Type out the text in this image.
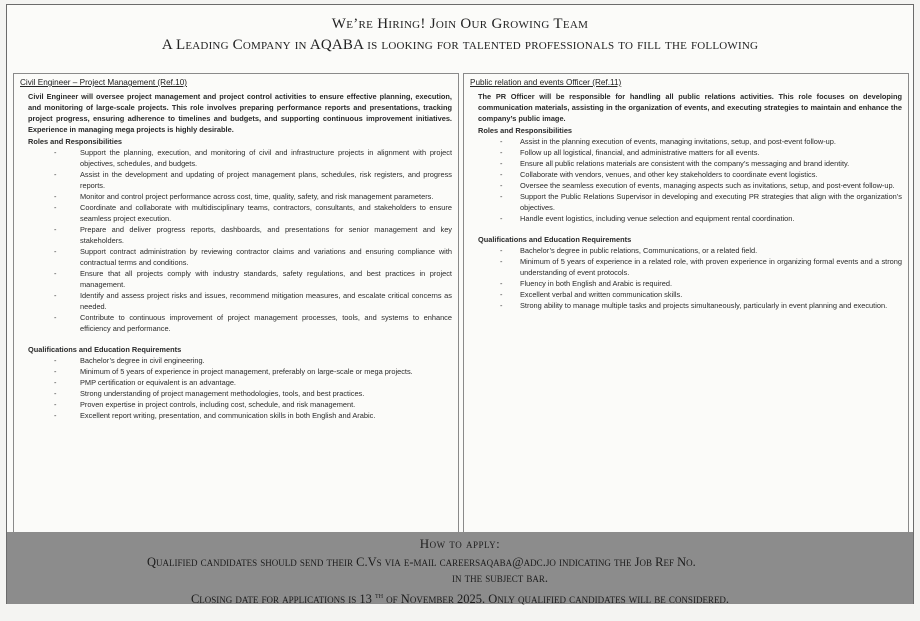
We’re Hiring! Join Our Growing Team
A Leading Company in AQABA is looking for talented professionals to fill the following
Civil Engineer – Project Management (Ref.10)
Civil Engineer will oversee project management and project control activities to ensure effective planning, execution, and monitoring of large-scale projects. This role involves preparing performance reports and presentations, tracking project progress, ensuring adherence to timelines and budgets, and supporting continuous improvement initiatives. Experience in managing mega projects is highly desirable.
Roles and Responsibilities
- Support the planning, execution, and monitoring of civil and infrastructure projects in alignment with project objectives, schedules, and budgets.
- Assist in the development and updating of project management plans, schedules, risk registers, and progress reports.
- Monitor and control project performance across cost, time, quality, safety, and risk management parameters.
- Coordinate and collaborate with multidisciplinary teams, contractors, consultants, and stakeholders to ensure seamless project execution.
- Prepare and deliver progress reports, dashboards, and presentations for senior management and key stakeholders.
- Support contract administration by reviewing contractor claims and variations and ensuring compliance with contractual terms and conditions.
- Ensure that all projects comply with industry standards, safety regulations, and best practices in project management.
- Identify and assess project risks and issues, recommend mitigation measures, and escalate critical concerns as needed.
- Contribute to continuous improvement of project management processes, tools, and systems to enhance efficiency and performance.
Qualifications and Education Requirements
- Bachelor’s degree in civil engineering.
- Minimum of 5 years of experience in project management, preferably on large-scale or mega projects.
- PMP certification or equivalent is an advantage.
- Strong understanding of project management methodologies, tools, and best practices.
- Proven expertise in project controls, including cost, schedule, and risk management.
- Excellent report writing, presentation, and communication skills in both English and Arabic.
Public relation and events Officer (Ref.11)
The PR Officer will be responsible for handling all public relations activities. This role focuses on developing communication materials, assisting in the organization of events, and executing strategies to maintain and enhance the company’s public image.
Roles and Responsibilities
- Assist in the planning execution of events, managing invitations, setup, and post-event follow-up.
- Follow up all logistical, financial, and administrative matters for all events.
- Ensure all public relations materials are consistent with the company’s messaging and brand identity.
- Collaborate with vendors, venues, and other key stakeholders to coordinate event logistics.
- Oversee the seamless execution of events, managing aspects such as invitations, setup, and post-event follow-up.
- Support the Public Relations Supervisor in developing and executing PR strategies that align with the organization’s objectives.
- Handle event logistics, including venue selection and equipment rental coordination.
Qualifications and Education Requirements
- Bachelor’s degree in public relations, Communications, or a related field.
- Minimum of 5 years of experience in a related role, with proven experience in organizing formal events and a strong understanding of event protocols.
- Fluency in both English and Arabic is required.
- Excellent verbal and written communication skills.
- Strong ability to manage multiple tasks and projects simultaneously, particularly in event planning and execution.
How to apply:
Qualified candidates should send their C.Vs via e-mail careersaqaba@adc.jo indicating the Job Ref No.
in the subject bar.
Closing date for applications is 13 $^{th}$ of November 2025. Only qualified candidates will be considered.
